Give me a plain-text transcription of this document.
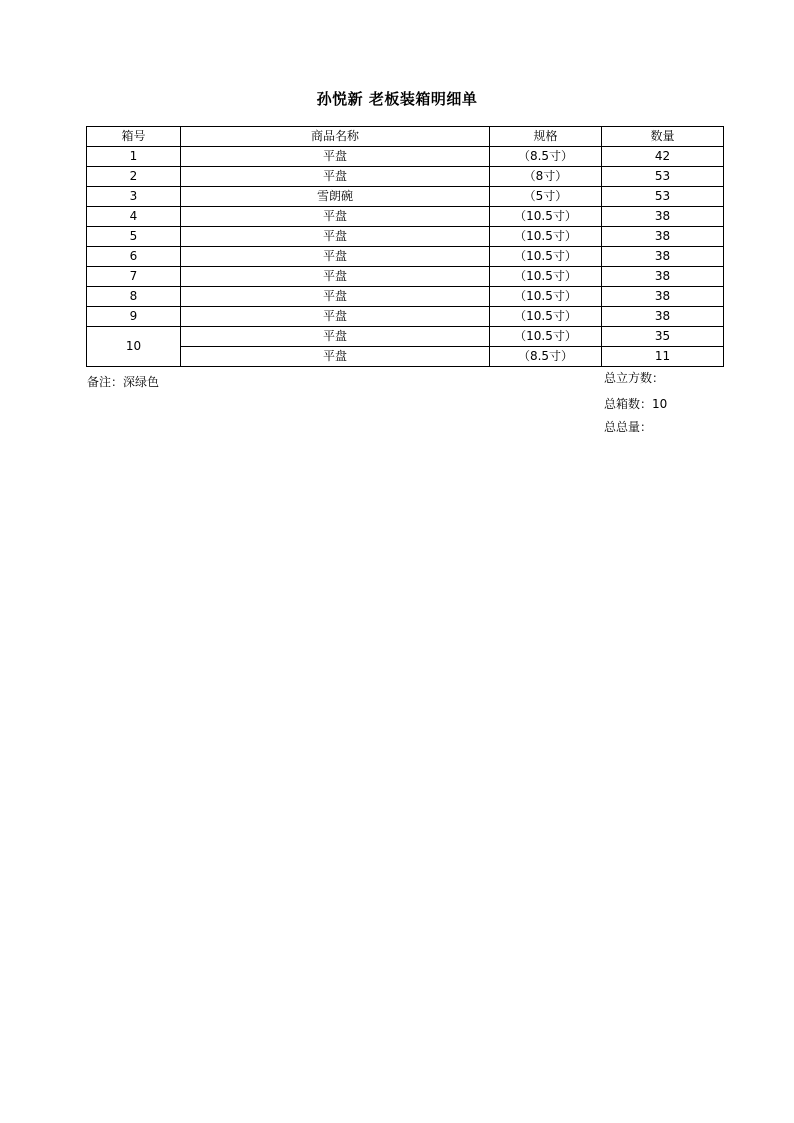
孙悦新 老板装箱明细单
箱号	商品名称	规格	数量
1	平盘	（8.5寸）	42
2	平盘	（8寸）	53
3	雪朗碗	（5寸）	53
4	平盘	（10.5寸）	38
5	平盘	（10.5寸）	38
6	平盘	（10.5寸）	38
7	平盘	（10.5寸）	38
8	平盘	（10.5寸）	38
9	平盘	（10.5寸）	38
10	平盘	（10.5寸）	35
	平盘	（8.5寸）	11
备注：深绿色	总立方数：
总箱数：10
总总量：
